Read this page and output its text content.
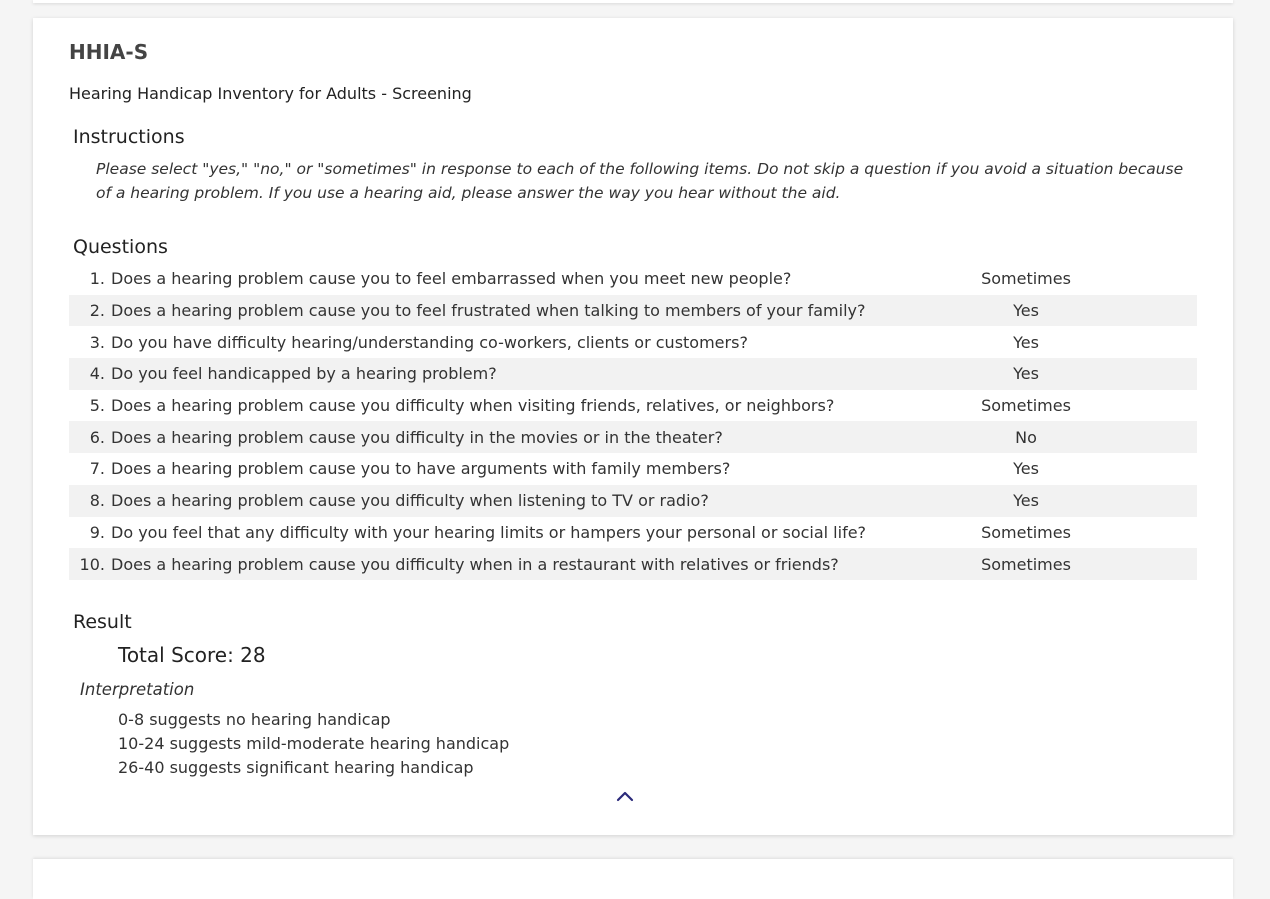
HHIA-S
Hearing Handicap Inventory for Adults - Screening
Instructions
Please select "yes," "no," or "sometimes" in response to each of the following items. Do not skip a question if you avoid a situation because of a hearing problem. If you use a hearing aid, please answer the way you hear without the aid.
Questions
1. Does a hearing problem cause you to feel embarrassed when you meet new people?	Sometimes
2. Does a hearing problem cause you to feel frustrated when talking to members of your family?	Yes
3. Do you have difficulty hearing/understanding co-workers, clients or customers?	Yes
4. Do you feel handicapped by a hearing problem?	Yes
5. Does a hearing problem cause you difficulty when visiting friends, relatives, or neighbors?	Sometimes
6. Does a hearing problem cause you difficulty in the movies or in the theater?	No
7. Does a hearing problem cause you to have arguments with family members?	Yes
8. Does a hearing problem cause you difficulty when listening to TV or radio?	Yes
9. Do you feel that any difficulty with your hearing limits or hampers your personal or social life?	Sometimes
10. Does a hearing problem cause you difficulty when in a restaurant with relatives or friends?	Sometimes
Result
Total Score: 28
Interpretation
0-8 suggests no hearing handicap
10-24 suggests mild-moderate hearing handicap
26-40 suggests significant hearing handicap
